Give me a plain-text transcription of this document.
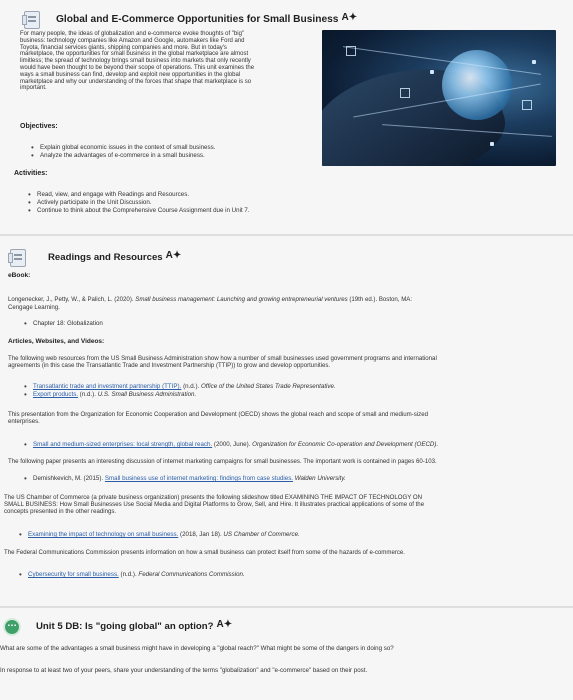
Global and E-Commerce Opportunities for Small Business A✦
For many people, the ideas of globalization and e-commerce evoke thoughts of "big"
business: technology companies like Amazon and Google, automakers like Ford and
Toyota, financial services giants, shipping companies and more. But in today's
marketplace, the opportunities for small business in the global marketplace are almost
limitless; the spread of technology brings small business into markets that only recently
would have been thought to be beyond their scope of operations. This unit examines the
ways a small business can find, develop and exploit new opportunities in the global
marketplace and why our understanding of the forces that shape that marketplace is so
important.
Objectives:
• Explain global economic issues in the context of small business.
• Analyze the advantages of e-commerce in a small business.
Activities:
• Read, view, and engage with Readings and Resources.
• Actively participate in the Unit Discussion.
• Continue to think about the Comprehensive Course Assignment due in Unit 7.
Readings and Resources A✦
eBook:
Longenecker, J., Petty, W., & Palich, L. (2020). Small business management: Launching and growing entrepreneurial ventures (19th ed.). Boston, MA:
Cengage Learning.
• Chapter 18: Globalization
Articles, Websites, and Videos:
The following web resources from the US Small Business Administration show how a number of small businesses used government programs and international
agreements (in this case the Transatlantic Trade and Investment Partnership (TTIP)) to grow and develop opportunities.
• Transatlantic trade and investment partnership (TTIP). (n.d.). Office of the United States Trade Representative.
• Export products. (n.d.). U.S. Small Business Administration.
This presentation from the Organization for Economic Cooperation and Development (OECD) shows the global reach and scope of small and medium-sized
enterprises.
• Small and medium-sized enterprises: local strength, global reach. (2000, June). Organization for Economic Co-operation and Development (OECD).
The following paper presents an interesting discussion of internet marketing campaigns for small businesses. The important work is contained in pages 60-103.
• Demishkevich, M. (2015). Small business use of internet marketing: findings from case studies. Walden University.
The US Chamber of Commerce (a private business organization) presents the following slideshow titled EXAMINING THE IMPACT OF TECHNOLOGY ON
SMALL BUSINESS: How Small Businesses Use Social Media and Digital Platforms to Grow, Sell, and Hire. It illustrates practical applications of some of the
concepts presented in the other readings.
• Examining the impact of technology on small business. (2018, Jan 18). US Chamber of Commerce.
The Federal Communications Commission presents information on how a small business can protect itself from some of the hazards of e-commerce.
• Cybersecurity for small business. (n.d.). Federal Communications Commission.
…
Unit 5 DB: Is "going global" an option? A✦
What are some of the advantages a small business might have in developing a "global reach?" What might be some of the dangers in doing so?
In response to at least two of your peers, share your understanding of the terms "globalization" and "e-commerce" based on their post.
